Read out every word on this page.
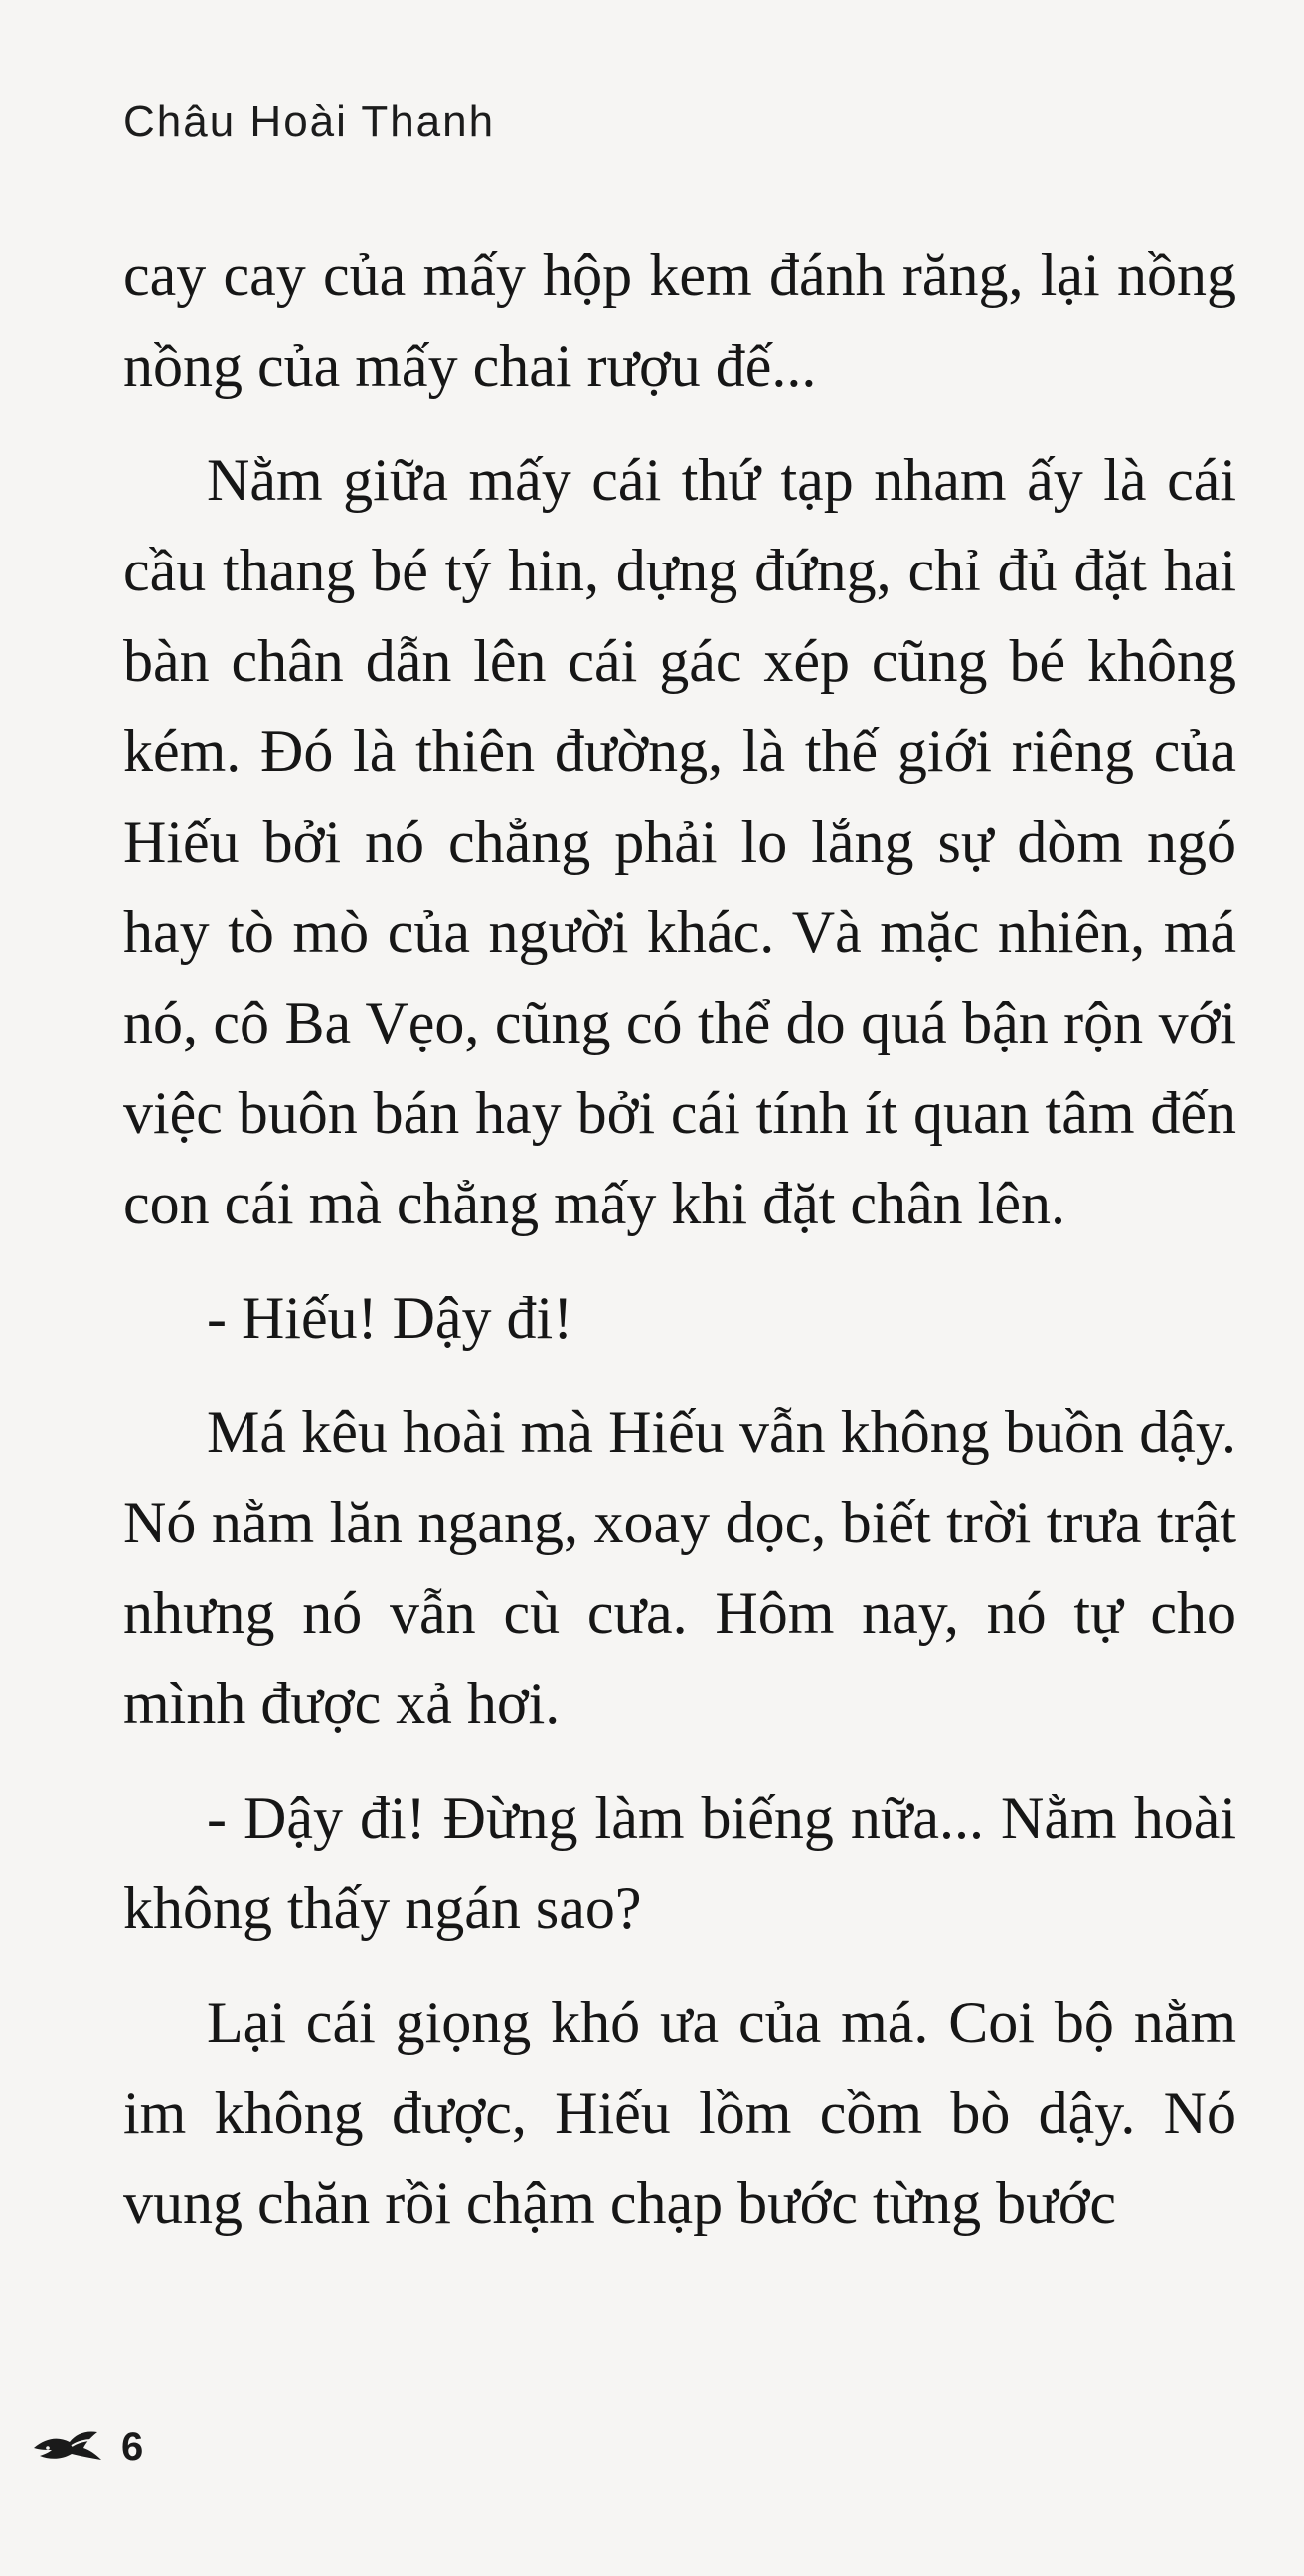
Châu Hoài Thanh

cay cay của mấy hộp kem đánh răng, lại nồng nồng của mấy chai rượu đế...

Nằm giữa mấy cái thứ tạp nham ấy là cái cầu thang bé tý hin, dựng đứng, chỉ đủ đặt hai bàn chân dẫn lên cái gác xép cũng bé không kém. Đó là thiên đường, là thế giới riêng của Hiếu bởi nó chẳng phải lo lắng sự dòm ngó hay tò mò của người khác. Và mặc nhiên, má nó, cô Ba Vẹo, cũng có thể do quá bận rộn với việc buôn bán hay bởi cái tính ít quan tâm đến con cái mà chẳng mấy khi đặt chân lên.

- Hiếu! Dậy đi!

Má kêu hoài mà Hiếu vẫn không buồn dậy. Nó nằm lăn ngang, xoay dọc, biết trời trưa trật nhưng nó vẫn cù cưa. Hôm nay, nó tự cho mình được xả hơi.

- Dậy đi! Đừng làm biếng nữa... Nằm hoài không thấy ngán sao?

Lại cái giọng khó ưa của má. Coi bộ nằm im không được, Hiếu lồm cồm bò dậy. Nó vung chăn rồi chậm chạp bước từng bước

6
